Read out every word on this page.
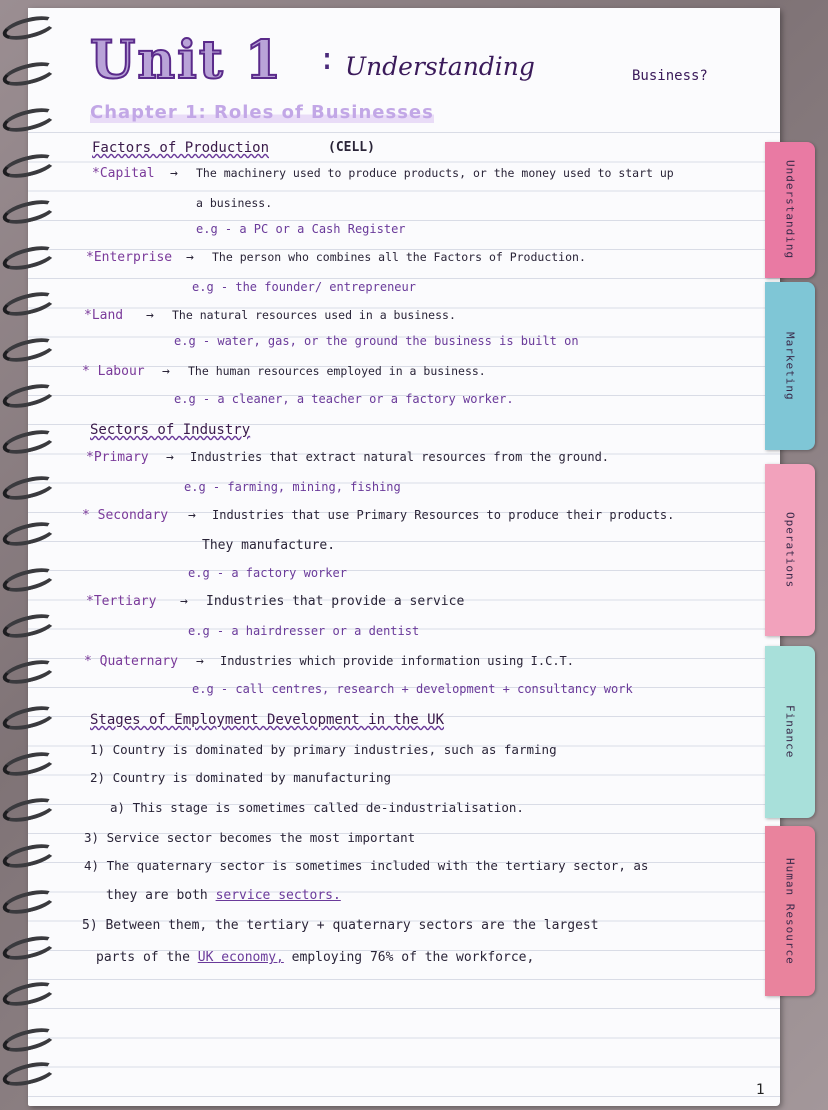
Understanding
Marketing
Operations
Finance
Human Resource
Unit 1 : Understanding	Business?
Chapter 1: Roles of Businesses
Factors of Production	(CELL)
*Capital → The machinery used to produce products, or the money used to start up
a business.
e.g - a PC or a Cash Register
*Enterprise → The person who combines all the Factors of Production.
e.g - the founder/ entrepreneur
*Land → The natural resources used in a business.
e.g - water, gas, or the ground the business is built on
* Labour → The human resources employed in a business.
e.g - a cleaner, a teacher or a factory worker.
Sectors of Industry
*Primary → Industries that extract natural resources from the ground.
e.g - farming, mining, fishing
* Secondary → Industries that use Primary Resources to produce their products.
They manufacture.
e.g - a factory worker
*Tertiary → Industries that provide a service
e.g - a hairdresser or a dentist
* Quaternary → Industries which provide information using I.C.T.
e.g - call centres, research + development + consultancy work
Stages of Employment Development in the UK
1) Country is dominated by primary industries, such as farming
2) Country is dominated by manufacturing
a) This stage is sometimes called de-industrialisation.
3) Service sector becomes the most important
4) The quaternary sector is sometimes included with the tertiary sector, as
they are both service sectors.
5) Between them, the tertiary + quaternary sectors are the largest
parts of the UK economy, employing 76% of the workforce,
1
